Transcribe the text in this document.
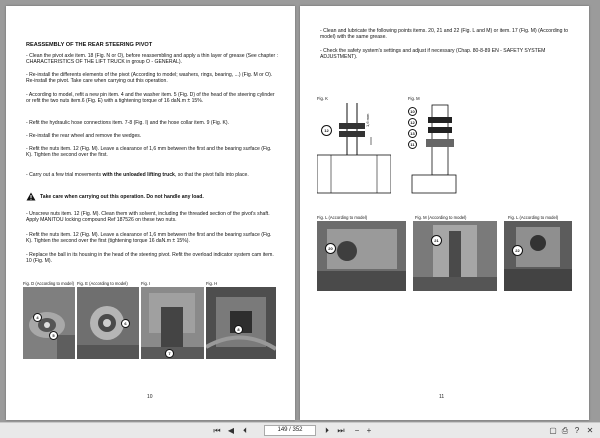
REASSEMBLY OF THE REAR STEERING PIVOT
- Clean the pivot axle item. 18 (Fig. N or O), before reassembling and apply a thin layer of grease (See chapter : CHARACTERISTICS OF THE LIFT TRUCK in group O - GENERAL).
- Re-install the differents elements of the pivot (According to model; washers, rings, bearing, ...) (Fig. M or O). Re-install the pivot. Take care when carrying out this operation.
- According to model, refit a new pin item. 4 and the washer item. 5 (Fig. D) of the head of the steering cylinder or refit the two nuts item.6 (Fig. E) with a tightening torque of 16 daN.m ± 15%.
- Refit the hydraulic hose connections item. 7-8 (Fig. I) and the hose collar item. 9 (Fig. K).
- Re-install the rear wheel and remove the wedges.
- Refit the nuts item. 12 (Fig. M). Leave a clearance of 1,6 mm between the first and the bearing surface (Fig. K). Tighten the second over the first.
- Carry out a few trial movements with the unloaded lifting truck, so that the pivot falls into place.
Take care when carrying out this operation. Do not handle any load.
- Unscrew nuts item. 12 (Fig. M). Clean them with solvent, including the threaded section of the pivot's shaft. Apply MANITOU locking compound Ref 187526 on these two nuts.
- Refit the nuts item. 12 (Fig. M). Leave a clearance of 1,6 mm between the first and the bearing surface (Fig. K). Tighten the second over the first (tightening torque 16 daN.m ± 15%).
- Replace the ball in its housing in the head of the steering pivot. Refit the overload indicator system cam item. 10 (Fig. M).
Fig. D (According to model) Fig. E (According to model)	Fig. I	Fig. H
4
5
6
7
8
10
- Clean and lubricate the following points items. 20, 21 and 22 (Fig. L and M) or item. 17 (Fig. M) (According to model) with the same grease.
- Check the safety system's settings and adjust if necessary (Chap. 80-8-89 EN - SAFETY SYSTEM ADJUSTMENT).
Fig. K
12
1,6 mm
Fig. M
10
12
13
11
Fig. L (According to model)	Fig. M (According to model)	Fig. L (According to model)
20
21
22
11
⏮ ◀	⏴	149 / 352	⏵	⏭	− +	▢ ⎙ ? ✕
